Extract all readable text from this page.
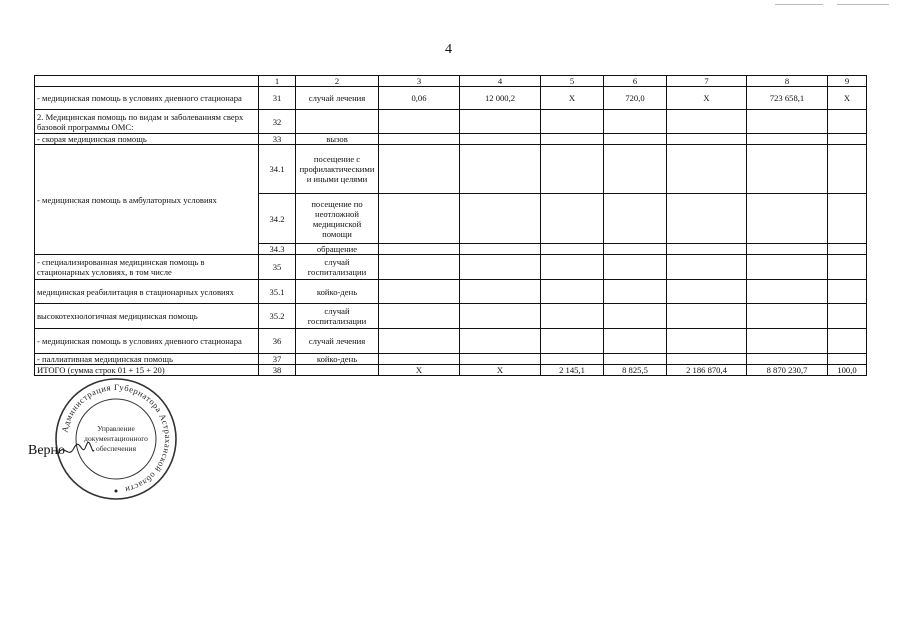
4
	1	2	3	4	5	6	7	8	9
- медицинская помощь в условиях дневного стационара	31	случай лечения	0,06	12 000,2	Х	720,0	Х	723 658,1	Х
2. Медицинская помощь по видам и заболеваниям сверх базовой программы ОМС:	32								
- скорая медицинская помощь	33	вызов							
- медицинская помощь в амбулаторных условиях	34.1	посещение с профилактическими и иными целями							
	34.2	посещение по неотложной медицинской помощи							
	34.3	обращение							
- специализированная медицинская помощь в стационарных условиях, в том числе	35	случай госпитализации							
медицинская реабилитация в стационарных условиях	35.1	койко-день							
высокотехнологичная медицинская помощь	35.2	случай госпитализации							
- медицинская помощь в условиях дневного стационара	36	случай лечения							
- паллиативная медицинская помощь	37	койко-день							
ИТОГО (сумма строк 01 + 15 + 20)	38		Х	Х	2 145,1	8 825,5	2 186 870,4	8 870 230,7	100,0
Администрация Губернатора Астраханской области
Управление
документационного
обеспечения
Верно
